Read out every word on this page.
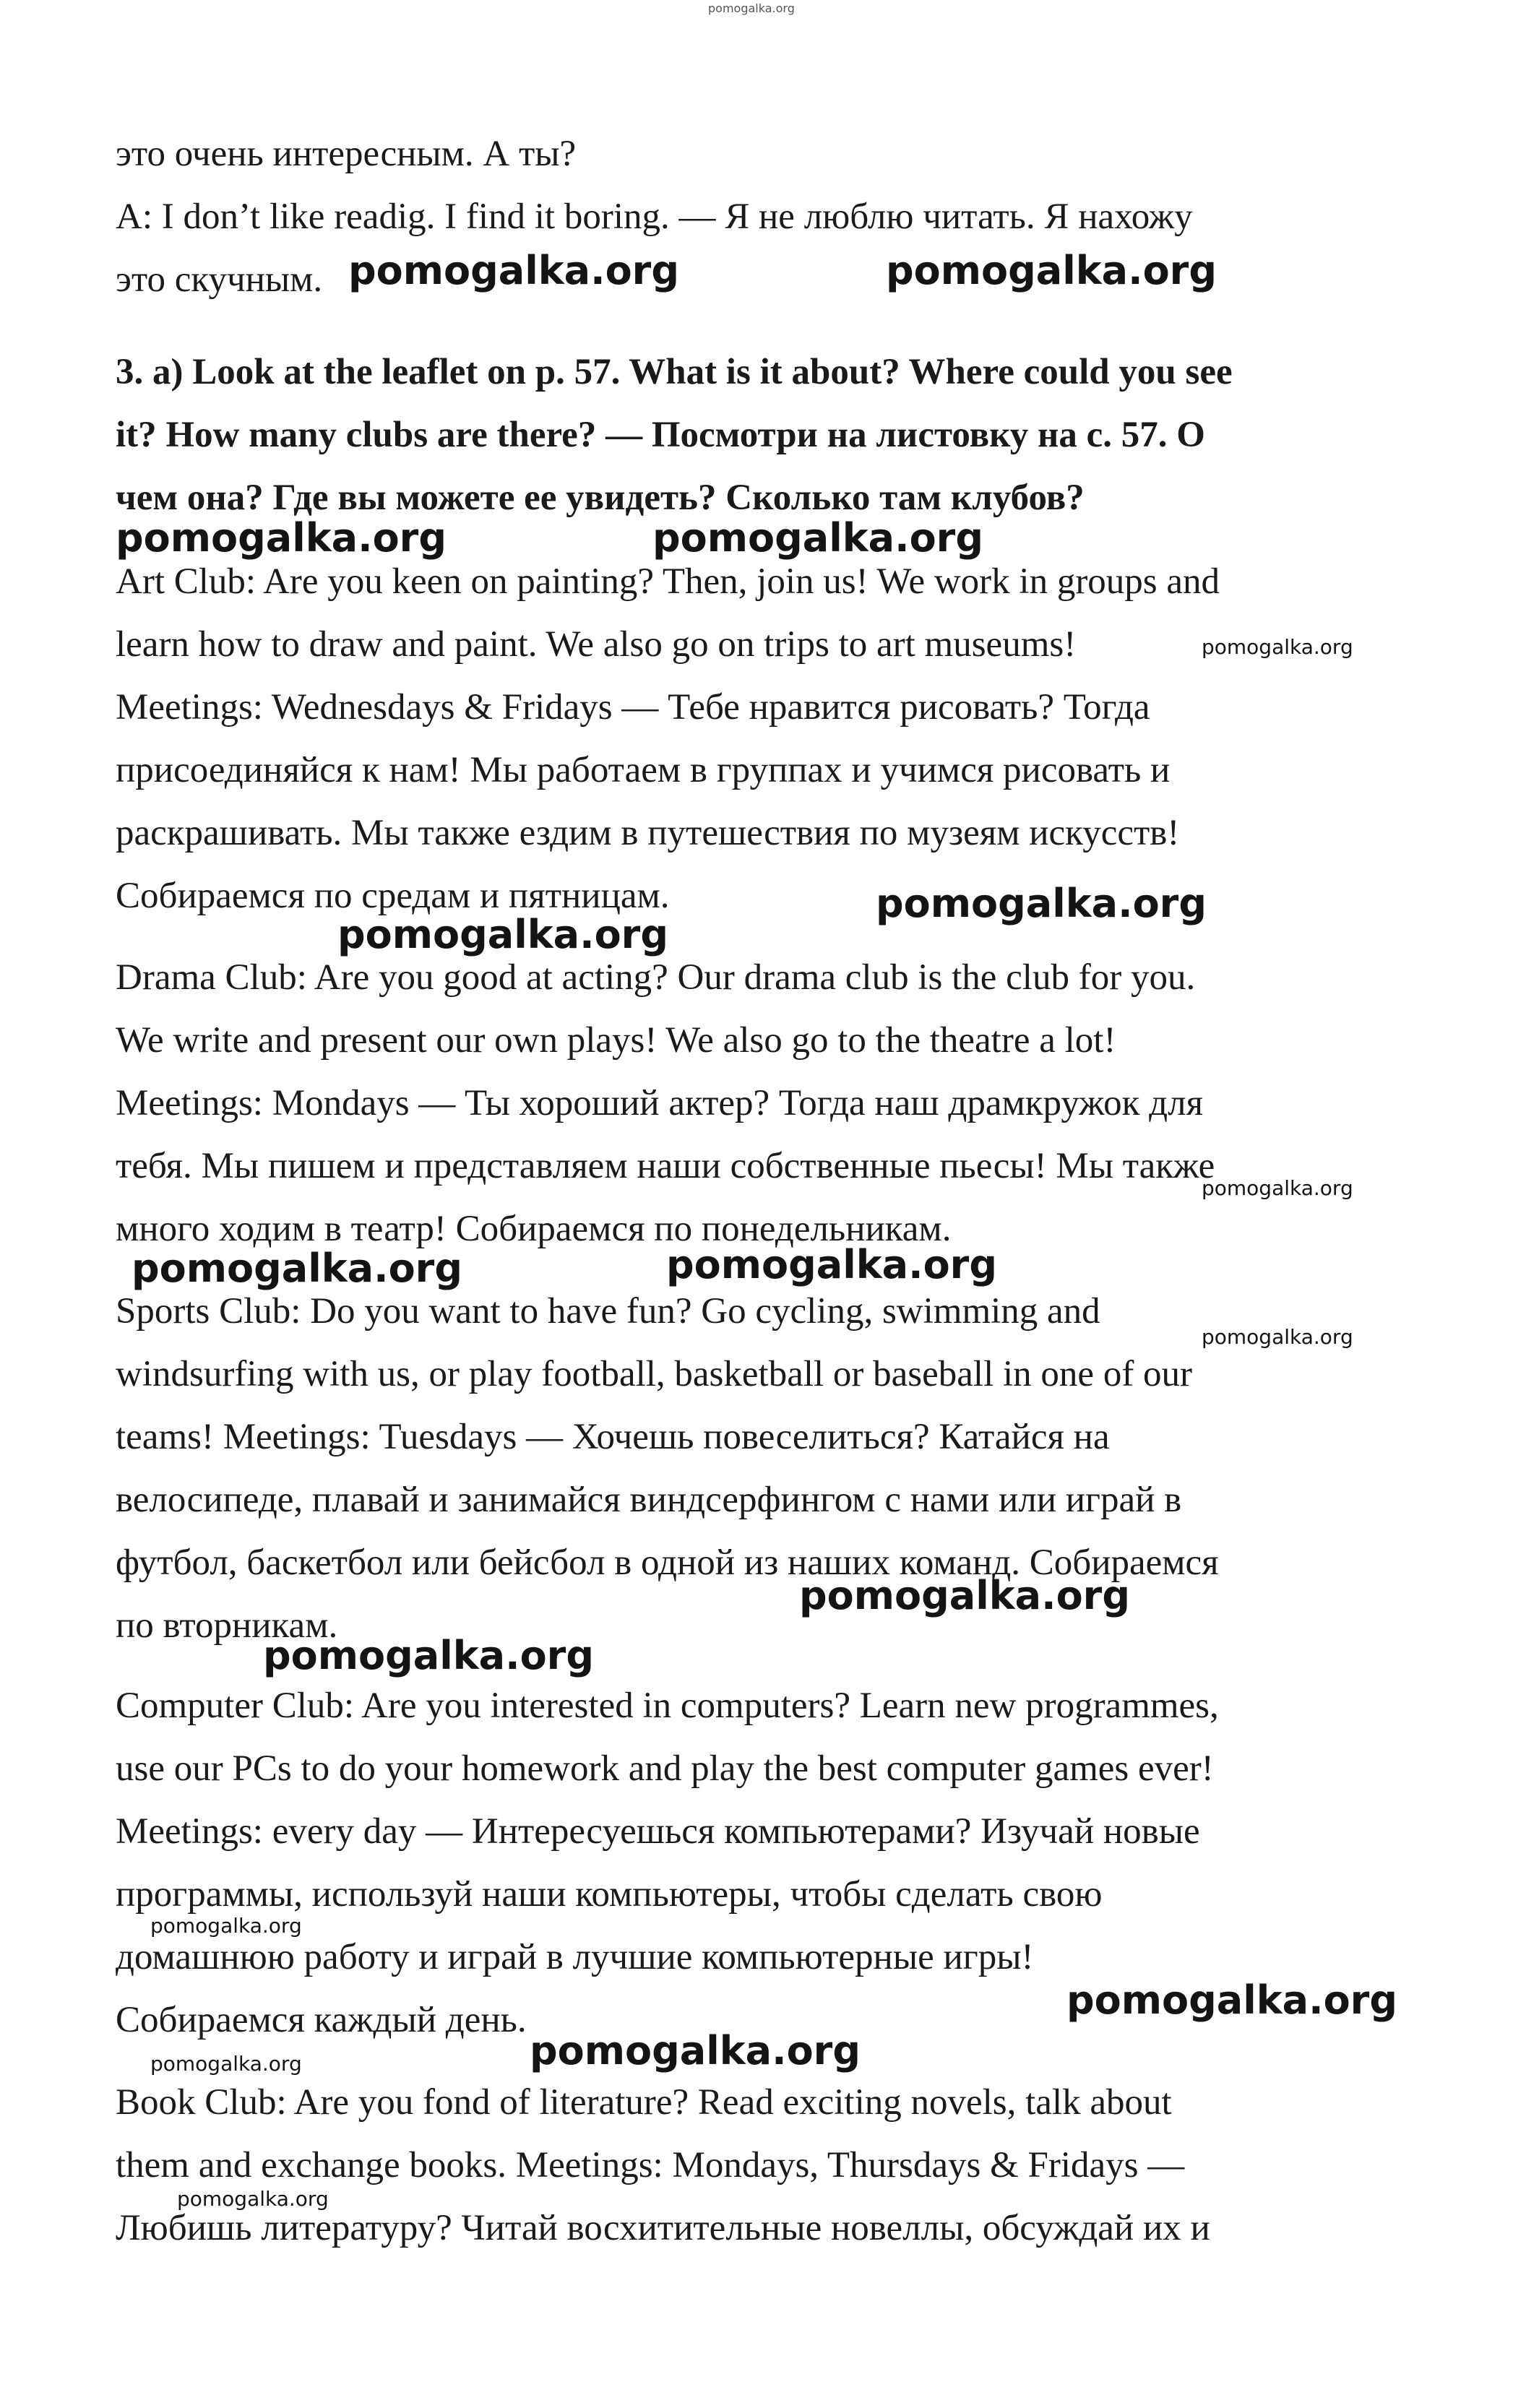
pomogalka.org
это очень интересным. А ты?
A: I don’t like readig. I find it boring. — Я не люблю читать. Я нахожу
это скучным.
3. a) Look at the leaflet on p. 57. What is it about? Where could you see
it? How many clubs are there? — Посмотри на листовку на с. 57. О
чем она? Где вы можете ее увидеть? Сколько там клубов?
Art Club: Are you keen on painting? Then, join us! We work in groups and
learn how to draw and paint. We also go on trips to art museums!
Meetings: Wednesdays & Fridays — Тебе нравится рисовать? Тогда
присоединяйся к нам! Мы работаем в группах и учимся рисовать и
раскрашивать. Мы также ездим в путешествия по музеям искусств!
Собираемся по средам и пятницам.
Drama Club: Are you good at acting? Our drama club is the club for you.
We write and present our own plays! We also go to the theatre a lot!
Meetings: Mondays — Ты хороший актер? Тогда наш драмкружок для
тебя. Мы пишем и представляем наши собственные пьесы! Мы также
много ходим в театр! Собираемся по понедельникам.
Sports Club: Do you want to have fun? Go cycling, swimming and
windsurfing with us, or play football, basketball or baseball in one of our
teams! Meetings: Tuesdays — Хочешь повеселиться? Катайся на
велосипеде, плавай и занимайся виндсерфингом с нами или играй в
футбол, баскетбол или бейсбол в одной из наших команд. Собираемся
по вторникам.
Computer Club: Are you interested in computers? Learn new programmes,
use our PCs to do your homework and play the best computer games ever!
Meetings: every day — Интересуешься компьютерами? Изучай новые
программы, используй наши компьютеры, чтобы сделать свою
домашнюю работу и играй в лучшие компьютерные игры!
Собираемся каждый день.
Book Club: Are you fond of literature? Read exciting novels, talk about
them and exchange books. Meetings: Mondays, Thursdays & Fridays —
Любишь литературу? Читай восхитительные новеллы, обсуждай их и
pomogalka.org	pomogalka.org
pomogalka.org	pomogalka.org
pomogalka.org
pomogalka.org
pomogalka.org
pomogalka.org
pomogalka.org	pomogalka.org
pomogalka.org
pomogalka.org
pomogalka.org
pomogalka.org
pomogalka.org
pomogalka.org	pomogalka.org
pomogalka.org
